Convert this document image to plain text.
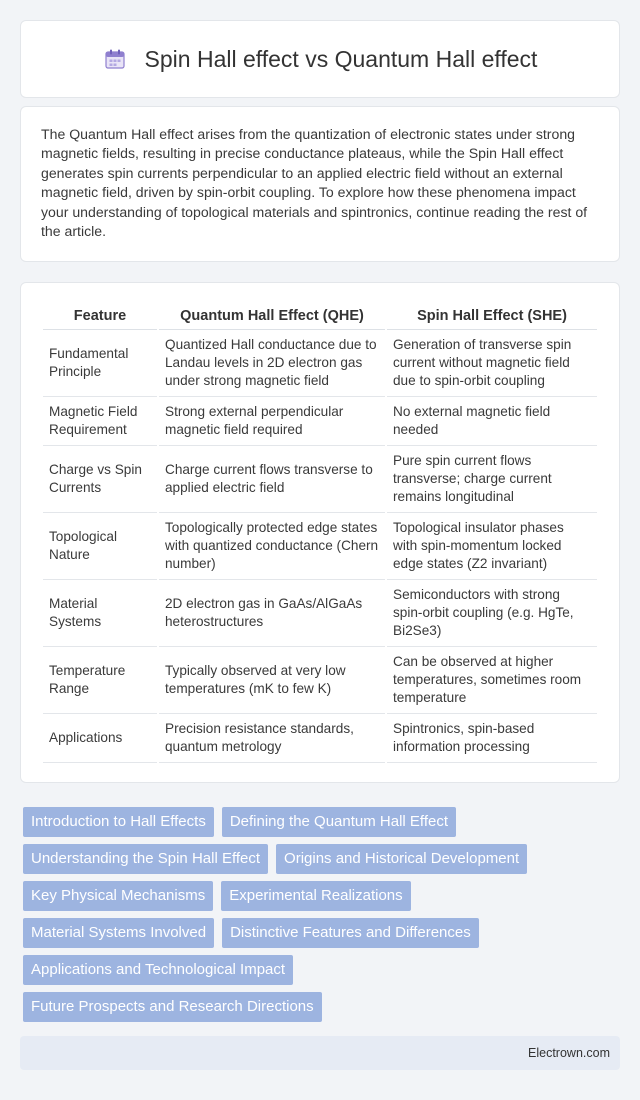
Spin Hall effect vs Quantum Hall effect

The Quantum Hall effect arises from the quantization of electronic states under strong magnetic fields, resulting in precise conductance plateaus, while the Spin Hall effect generates spin currents perpendicular to an applied electric field without an external magnetic field, driven by spin-orbit coupling. To explore how these phenomena impact your understanding of topological materials and spintronics, continue reading the rest of the article.

Feature	Quantum Hall Effect (QHE)	Spin Hall Effect (SHE)
Fundamental Principle	Quantized Hall conductance due to Landau levels in 2D electron gas under strong magnetic field	Generation of transverse spin current without magnetic field due to spin-orbit coupling
Magnetic Field Requirement	Strong external perpendicular magnetic field required	No external magnetic field needed
Charge vs Spin Currents	Charge current flows transverse to applied electric field	Pure spin current flows transverse; charge current remains longitudinal
Topological Nature	Topologically protected edge states with quantized conductance (Chern number)	Topological insulator phases with spin-momentum locked edge states (Z2 invariant)
Material Systems	2D electron gas in GaAs/AlGaAs heterostructures	Semiconductors with strong spin-orbit coupling (e.g. HgTe, Bi2Se3)
Temperature Range	Typically observed at very low temperatures (mK to few K)	Can be observed at higher temperatures, sometimes room temperature
Applications	Precision resistance standards, quantum metrology	Spintronics, spin-based information processing
Introduction to Hall Effects	Defining the Quantum Hall Effect
Understanding the Spin Hall Effect	Origins and Historical Development
Key Physical Mechanisms	Experimental Realizations
Material Systems Involved	Distinctive Features and Differences
Applications and Technological Impact
Future Prospects and Research Directions
Electrown.com
